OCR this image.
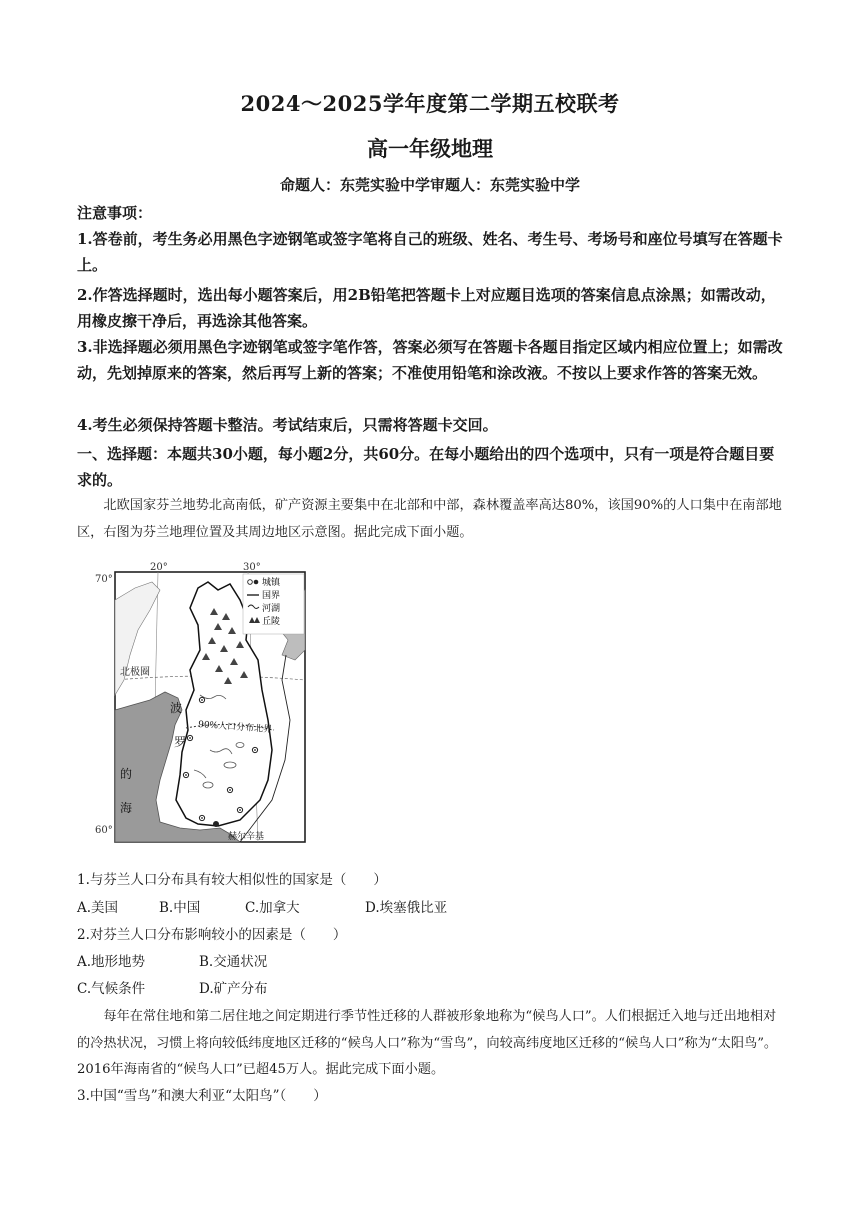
2024～2025学年度第二学期五校联考
高一年级地理
命题人：东莞实验中学审题人：东莞实验中学
注意事项：
1.答卷前，考生务必用黑色字迹钢笔或签字笔将自己的班级、姓名、考生号、考场号和座位号填写在答题卡上。
2.作答选择题时，选出每小题答案后，用2B铅笔把答题卡上对应题目选项的答案信息点涂黑；如需改动，用橡皮擦干净后，再选涂其他答案。
3.非选择题必须用黑色字迹钢笔或签字笔作答，答案必须写在答题卡各题目指定区域内相应位置上；如需改动，先划掉原来的答案，然后再写上新的答案；不准使用铅笔和涂改液。不按以上要求作答的答案无效。
4.考生必须保持答题卡整洁。考试结束后，只需将答题卡交回。
一、选择题：本题共30小题，每小题2分，共60分。在每小题给出的四个选项中，只有一项是符合题目要求的。
北欧国家芬兰地势北高南低，矿产资源主要集中在北部和中部，森林覆盖率高达80%，该国90%的人口集中在南部地区，右图为芬兰地理位置及其周边地区示意图。据此完成下面小题。
城镇
国界
河湖
丘陵
70°
60°
20°	30°
北极圈
波
罗
的
海
90%人口分布北界
赫尔辛基
1.与芬兰人口分布具有较大相似性的国家是（　　）
A.美国	B.中国	C.加拿大	D.埃塞俄比亚
2.对芬兰人口分布影响较小的因素是（　　）
A.地形地势	B.交通状况
C.气候条件	D.矿产分布
每年在常住地和第二居住地之间定期进行季节性迁移的人群被形象地称为“候鸟人口”。人们根据迁入地与迁出地相对的冷热状况，习惯上将向较低纬度地区迁移的“候鸟人口”称为“雪鸟”，向较高纬度地区迁移的“候鸟人口”称为“太阳鸟”。2016年海南省的“候鸟人口”已超45万人。据此完成下面小题。
3.中国“雪鸟”和澳大利亚“太阳鸟”（　　）
